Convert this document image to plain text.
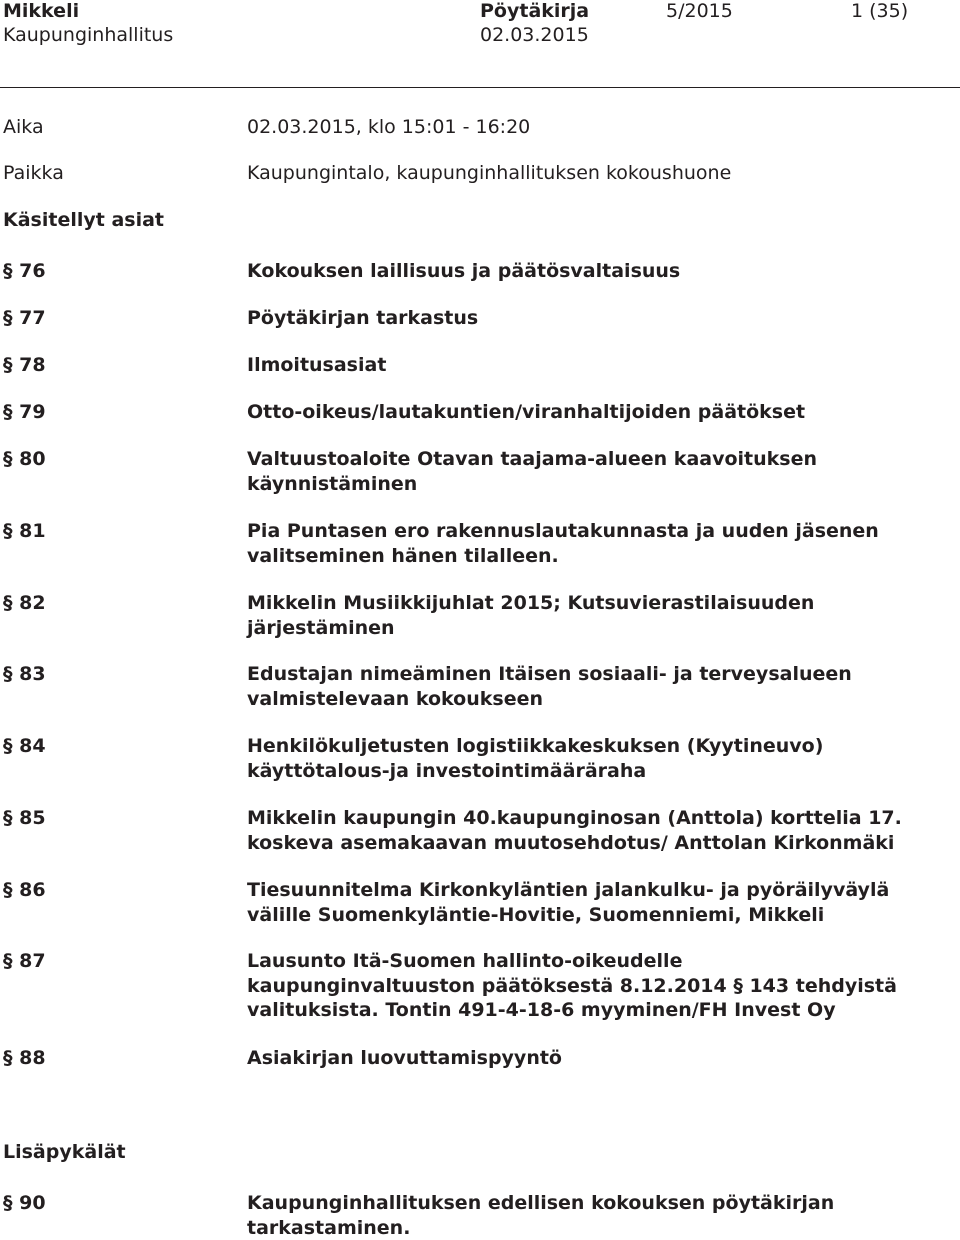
Mikkeli
Kaupunginhallitus
Pöytäkirja
02.03.2015
5/2015	1 (35)
Aika	02.03.2015, klo 15:01 - 16:20
Paikka	Kaupungintalo, kaupunginhallituksen kokoushuone
Käsitellyt asiat
§ 76	Kokouksen laillisuus ja päätösvaltaisuus
§ 77	Pöytäkirjan tarkastus
§ 78	Ilmoitusasiat
§ 79	Otto-oikeus/lautakuntien/viranhaltijoiden päätökset
§ 80	Valtuustoaloite Otavan taajama-alueen kaavoituksen
käynnistäminen
§ 81	Pia Puntasen ero rakennuslautakunnasta ja uuden jäsenen
valitseminen hänen tilalleen.
§ 82	Mikkelin Musiikkijuhlat 2015; Kutsuvierastilaisuuden
järjestäminen
§ 83	Edustajan nimeäminen Itäisen sosiaali- ja terveysalueen
valmistelevaan kokoukseen
§ 84	Henkilökuljetusten logistiikkakeskuksen (Kyytineuvo)
käyttötalous-ja investointimääräraha
§ 85	Mikkelin kaupungin 40.kaupunginosan (Anttola) korttelia 17.
koskeva asemakaavan muutosehdotus/ Anttolan Kirkonmäki
§ 86	Tiesuunnitelma Kirkonkyläntien jalankulku- ja pyöräilyväylä
välille Suomenkyläntie-Hovitie, Suomenniemi, Mikkeli
§ 87	Lausunto Itä-Suomen hallinto-oikeudelle
kaupunginvaltuuston päätöksestä 8.12.2014 § 143 tehdyistä
valituksista. Tontin 491-4-18-6 myyminen/FH Invest Oy
§ 88	Asiakirjan luovuttamispyyntö
Lisäpykälät
§ 90	Kaupunginhallituksen edellisen kokouksen pöytäkirjan
tarkastaminen.
